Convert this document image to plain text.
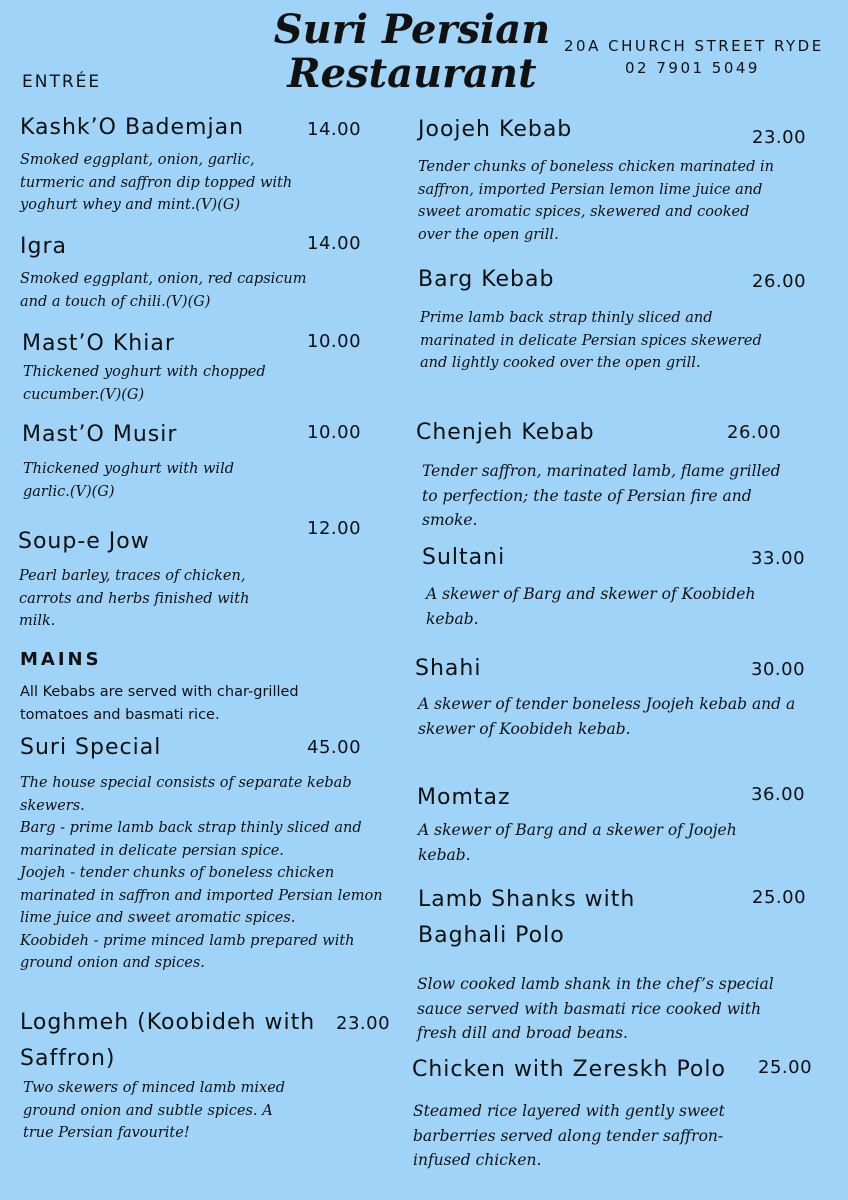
Suri Persian
Restaurant
20A CHURCH STREET RYDE
02 7901 5049
ENTRÉE
Kashk’O Bademjan	14.00
Smoked eggplant, onion, garlic, turmeric and saffron dip topped with yoghurt whey and mint.(V)(G)
Igra	14.00
Smoked eggplant, onion, red capsicum and a touch of chili.(V)(G)
Mast’O Khiar	10.00
Thickened yoghurt with chopped cucumber.(V)(G)
Mast’O Musir	10.00
Thickened yoghurt with wild garlic.(V)(G)
Soup-e Jow
12.00
Pearl barley, traces of chicken, carrots and herbs finished with milk.
MAINS
All Kebabs are served with char-grilled tomatoes and basmati rice.
Suri Special	45.00
The house special consists of separate kebab skewers.
Barg - prime lamb back strap thinly sliced and marinated in delicate persian spice.
Joojeh - tender chunks of boneless chicken marinated in saffron and imported Persian lemon lime juice and sweet aromatic spices.
Koobideh - prime minced lamb prepared with ground onion and spices.
Loghmeh (Koobideh with Saffron)
23.00
Two skewers of minced lamb mixed ground onion and subtle spices. A true Persian favourite!
Joojeh Kebab	23.00
Tender chunks of boneless chicken marinated in saffron, imported Persian lemon lime juice and sweet aromatic spices, skewered and cooked over the open grill.
Barg Kebab	26.00
Prime lamb back strap thinly sliced and marinated in delicate Persian spices skewered and lightly cooked over the open grill.
Chenjeh Kebab	26.00
Tender saffron, marinated lamb, flame grilled to perfection; the taste of Persian fire and smoke.
Sultani	33.00
A skewer of Barg and skewer of Koobideh kebab.
Shahi	30.00
A skewer of tender boneless Joojeh kebab and a skewer of Koobideh kebab.
Momtaz	36.00
A skewer of Barg and a skewer of Joojeh kebab.
Lamb Shanks with Baghali Polo
25.00
Slow cooked lamb shank in the chef’s special sauce served with basmati rice cooked with fresh dill and broad beans.
Chicken with Zereskh Polo 25.00
Steamed rice layered with gently sweet barberries served along tender saffron-infused chicken.
